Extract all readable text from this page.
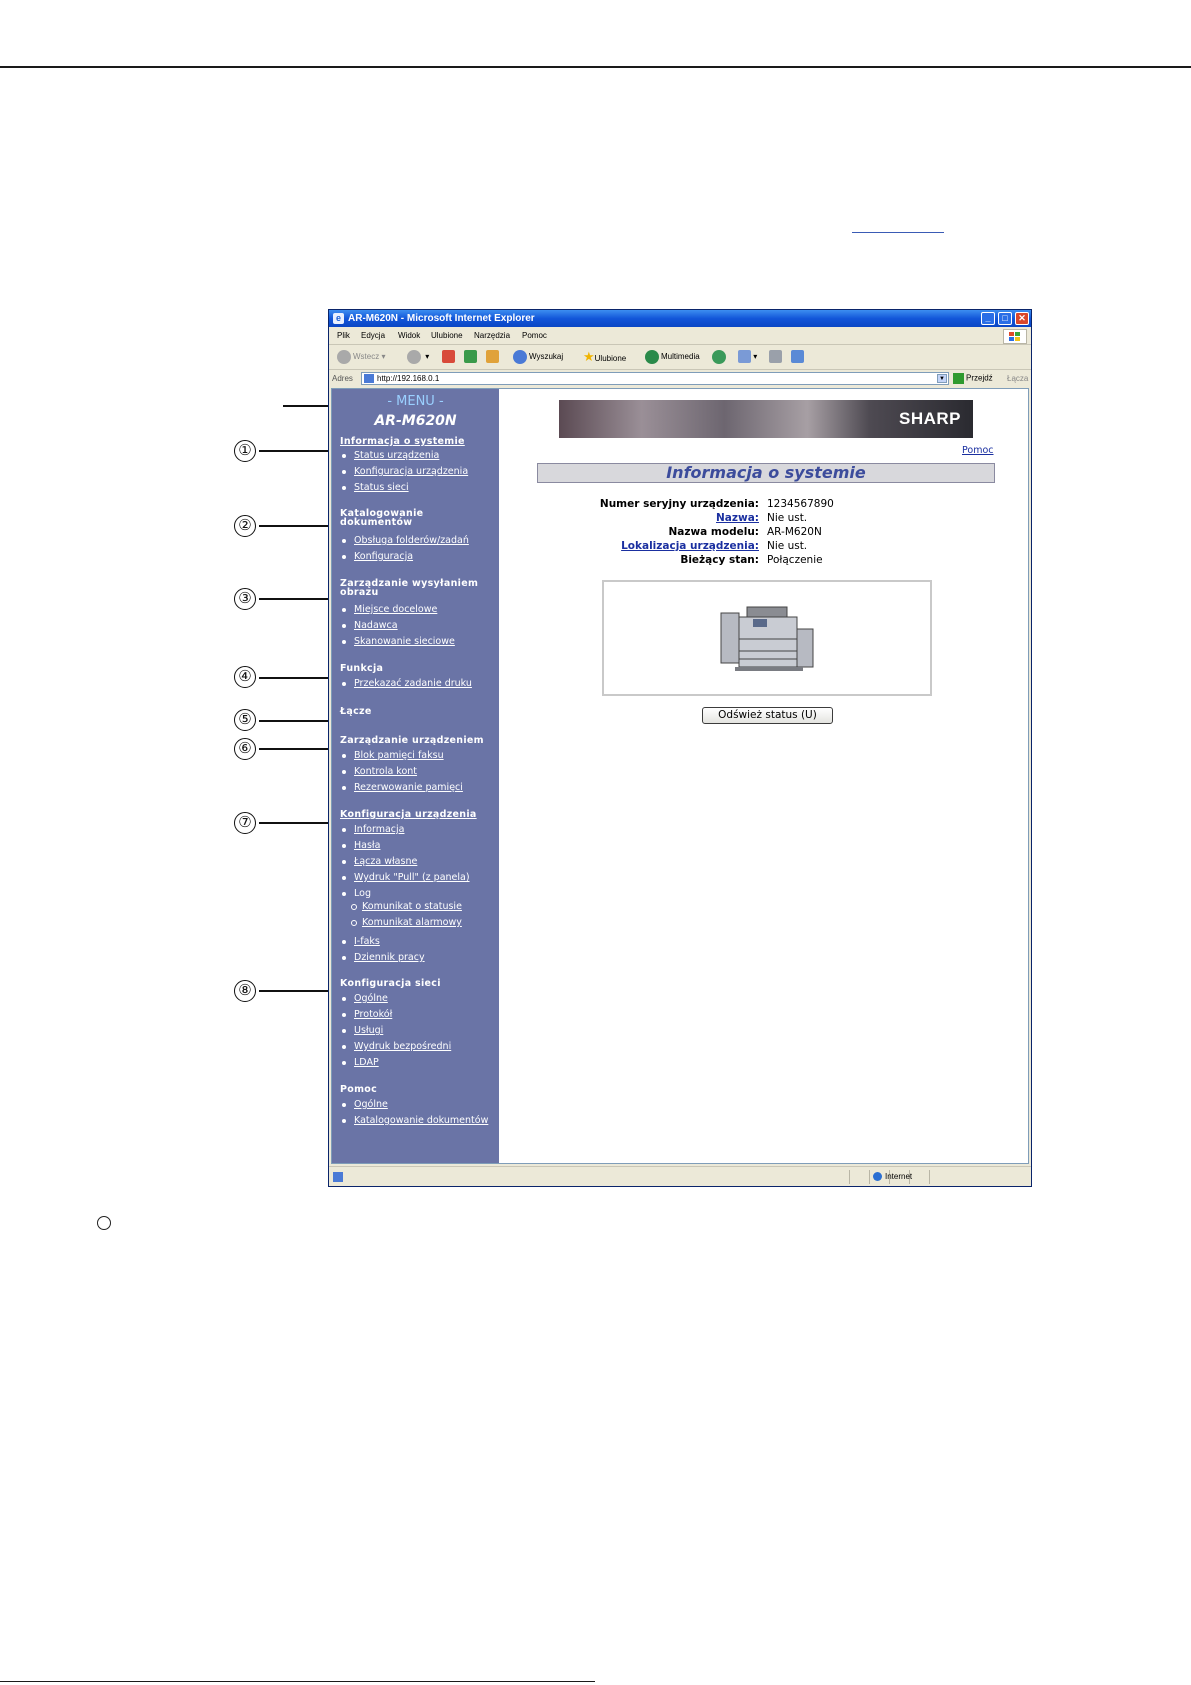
①
②
③
④
⑤
⑥
⑦
⑧
e AR-M620N - Microsoft Internet Explorer	_	□	✕
Plik Edycja Widok Ulubione Narzędzia Pomoc
Wstecz ▾	▾	Wyszukaj ★Ulubione	Multimedia	▾
Adres	http://192.168.0.1	▼	Przejdź Łącza
- MENU -
AR-M620N
Informacja o systemie
Status urządzenia
Konfiguracja urządzenia
Status sieci
Katalogowanie
dokumentów
Obsługa folderów/zadań
Konfiguracja
Zarządzanie wysyłaniem
obrazu
Miejsce docelowe
Nadawca
Skanowanie sieciowe
Funkcja
Przekazać zadanie druku
Łącze
Zarządzanie urządzeniem
Blok pamięci faksu
Kontrola kont
Rezerwowanie pamięci
Konfiguracja urządzenia
Informacja
Hasła
Łącza własne
Wydruk "Pull" (z panela)
Log
Komunikat o statusie
Komunikat alarmowy
I-faks
Dziennik pracy
Konfiguracja sieci
Ogólne
Protokół
Usługi
Wydruk bezpośredni
LDAP
Pomoc
Ogólne
Katalogowanie dokumentów
SHARP
Pomoc
Informacja o systemie
Numer seryjny urządzenia: 1234567890
Nazwa: Nie ust.
Nazwa modelu: AR-M620N
Lokalizacja urządzenia: Nie ust.
Bieżący stan: Połączenie
Odśwież status (U)
Internet
